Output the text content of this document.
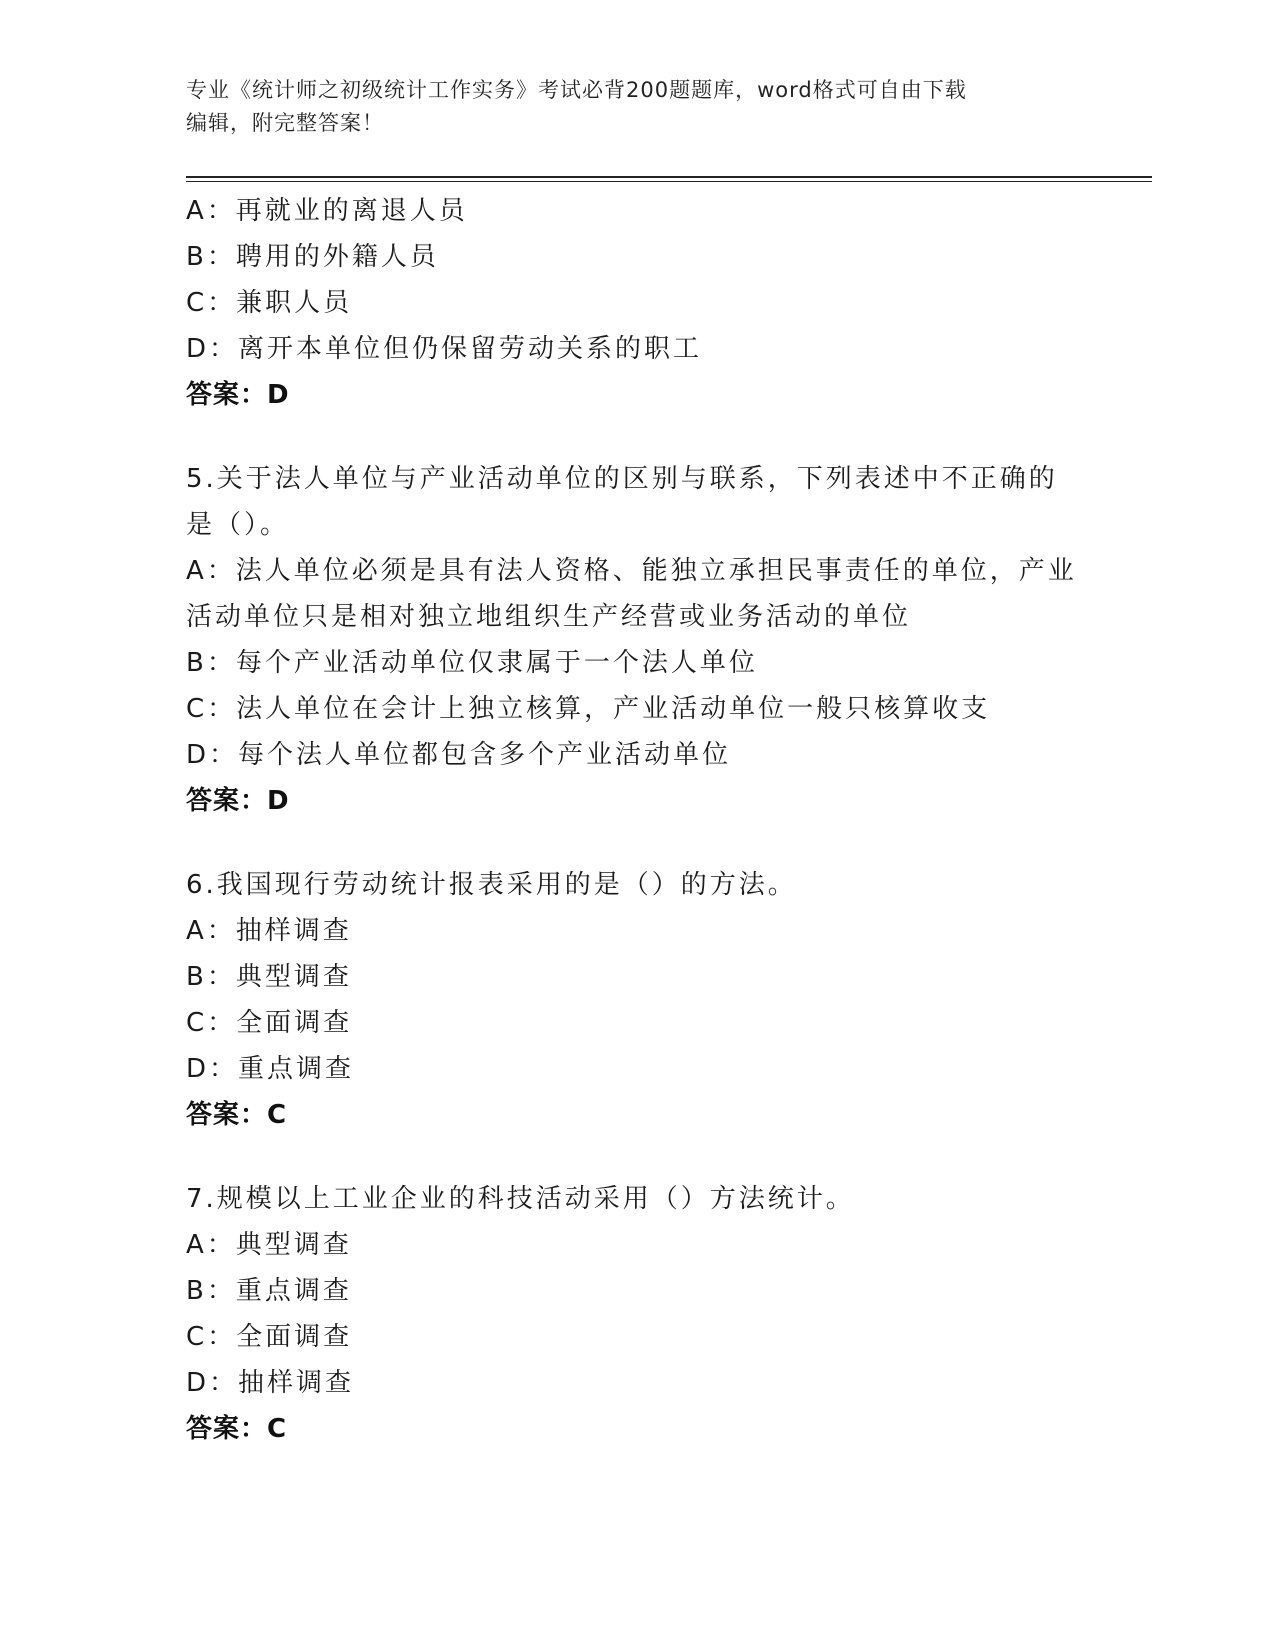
专业《统计师之初级统计工作实务》考试必背200题题库，word格式可自由下载
编辑，附完整答案！
A：再就业的离退人员
B：聘用的外籍人员
C：兼职人员
D：离开本单位但仍保留劳动关系的职工
答案：D
5.关于法人单位与产业活动单位的区别与联系，下列表述中不正确的
是（）。
A：法人单位必须是具有法人资格、能独立承担民事责任的单位，产业
活动单位只是相对独立地组织生产经营或业务活动的单位
B：每个产业活动单位仅隶属于一个法人单位
C：法人单位在会计上独立核算，产业活动单位一般只核算收支
D：每个法人单位都包含多个产业活动单位
答案：D
6.我国现行劳动统计报表采用的是（）的方法。
A：抽样调查
B：典型调查
C：全面调查
D：重点调查
答案：C
7.规模以上工业企业的科技活动采用（）方法统计。
A：典型调查
B：重点调查
C：全面调查
D：抽样调查
答案：C
